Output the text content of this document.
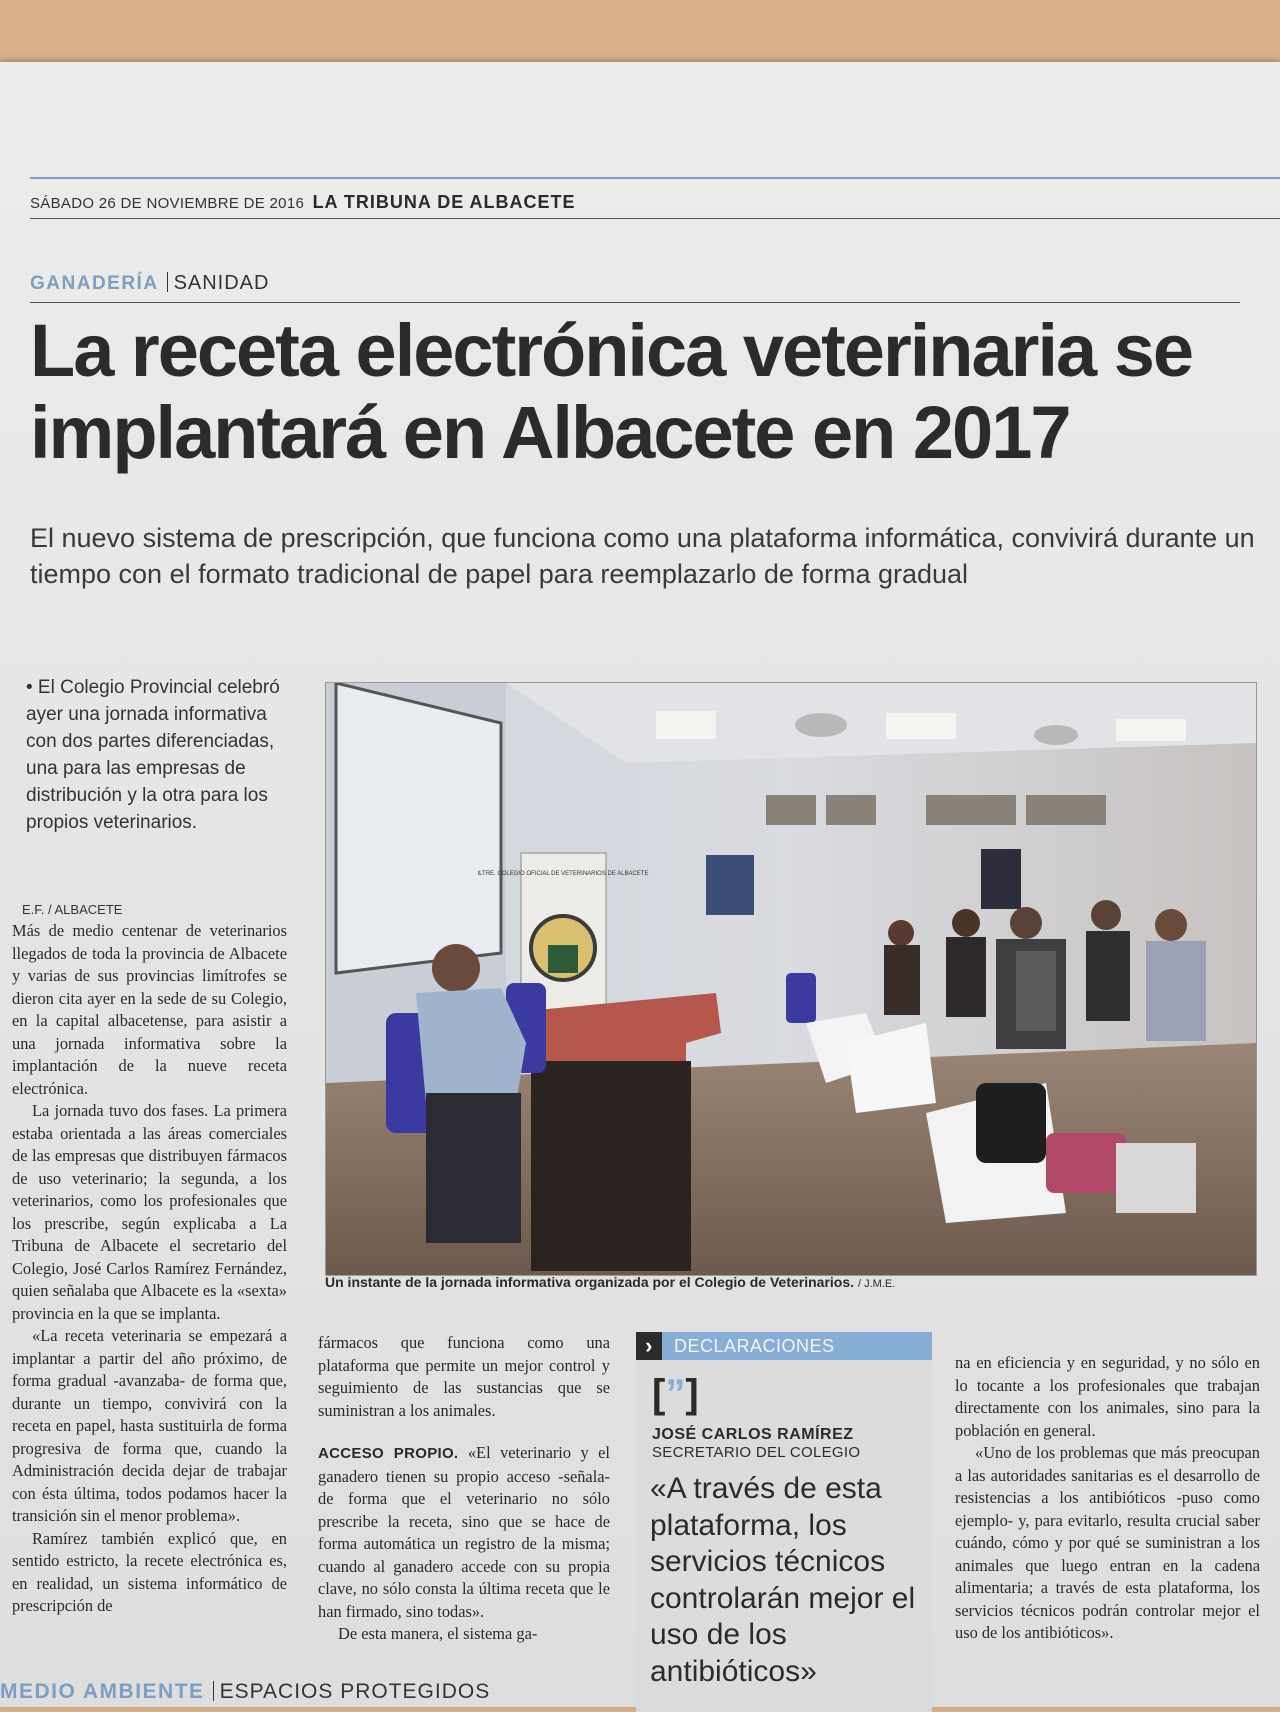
SÁBADO 26 DE NOVIEMBRE DE 2016 LA TRIBUNA DE ALBACETE
GANADERÍA SANIDAD
La receta electrónica veterinaria se implantará en Albacete en 2017

El nuevo sistema de prescripción, que funciona como una plataforma informática, convivirá durante un tiempo con el formato tradicional de papel para reemplazarlo de forma gradual

• El Colegio Provincial celebró ayer una jornada informativa con dos partes diferenciadas, una para las empresas de distribución y la otra para los propios veterinarios.

E.F. / ALBACETE

Más de medio centenar de veterinarios llegados de toda la provincia de Albacete y varias de sus provincias limítrofes se dieron cita ayer en la sede de su Colegio, en la capital albacetense, para asistir a una jornada informativa sobre la implantación de la nueve receta electrónica.

La jornada tuvo dos fases. La primera estaba orientada a las áreas comerciales de las empresas que distribuyen fármacos de uso veterinario; la segunda, a los veterinarios, como los profesionales que los prescribe, según explicaba a La Tribuna de Albacete el secretario del Colegio, José Carlos Ramírez Fernández, quien señalaba que Albacete es la «sexta» provincia en la que se implanta.

«La receta veterinaria se empezará a implantar a partir del año próximo, de forma gradual -avanzaba- de forma que, durante un tiempo, convivirá con la receta en papel, hasta sustituirla de forma progresiva de forma que, cuando la Administración decida dejar de trabajar con ésta última, todos podamos hacer la transición sin el menor problema».

Ramírez también explicó que, en sentido estricto, la recete electrónica es, en realidad, un sistema informático de prescripción de

ILTRE. COLEGIO OFICIAL DE VETERINARIOS DE ALBACETE
Un instante de la jornada informativa organizada por el Colegio de Veterinarios. / J.M.E.

fármacos que funciona como una plataforma que permite un mejor control y seguimiento de las sustancias que se suministran a los animales.

ACCESO PROPIO. «El veterinario y el ganadero tienen su propio acceso -señala- de forma que el veterinario no sólo prescribe la receta, sino que se hace de forma automática un registro de la misma; cuando al ganadero accede con su propia clave, no sólo consta la última receta que le han firmado, sino todas».

De esta manera, el sistema ga-

›	DECLARACIONES
[”]
JOSÉ CARLOS RAMÍREZ
SECRETARIO DEL COLEGIO
«A través de esta plataforma, los servicios técnicos controlarán mejor el uso de los antibióticos»

na en eficiencia y en seguridad, y no sólo en lo tocante a los profesionales que trabajan directamente con los animales, sino para la población en general.

«Uno de los problemas que más preocupan a las autoridades sanitarias es el desarrollo de resistencias a los antibióticos -puso como ejemplo- y, para evitarlo, resulta crucial saber cuándo, cómo y por qué se suministran a los animales que luego entran en la cadena alimentaria; a través de esta plataforma, los servicios técnicos podrán controlar mejor el uso de los antibióticos».

MEDIO AMBIENTE ESPACIOS PROTEGIDOS
